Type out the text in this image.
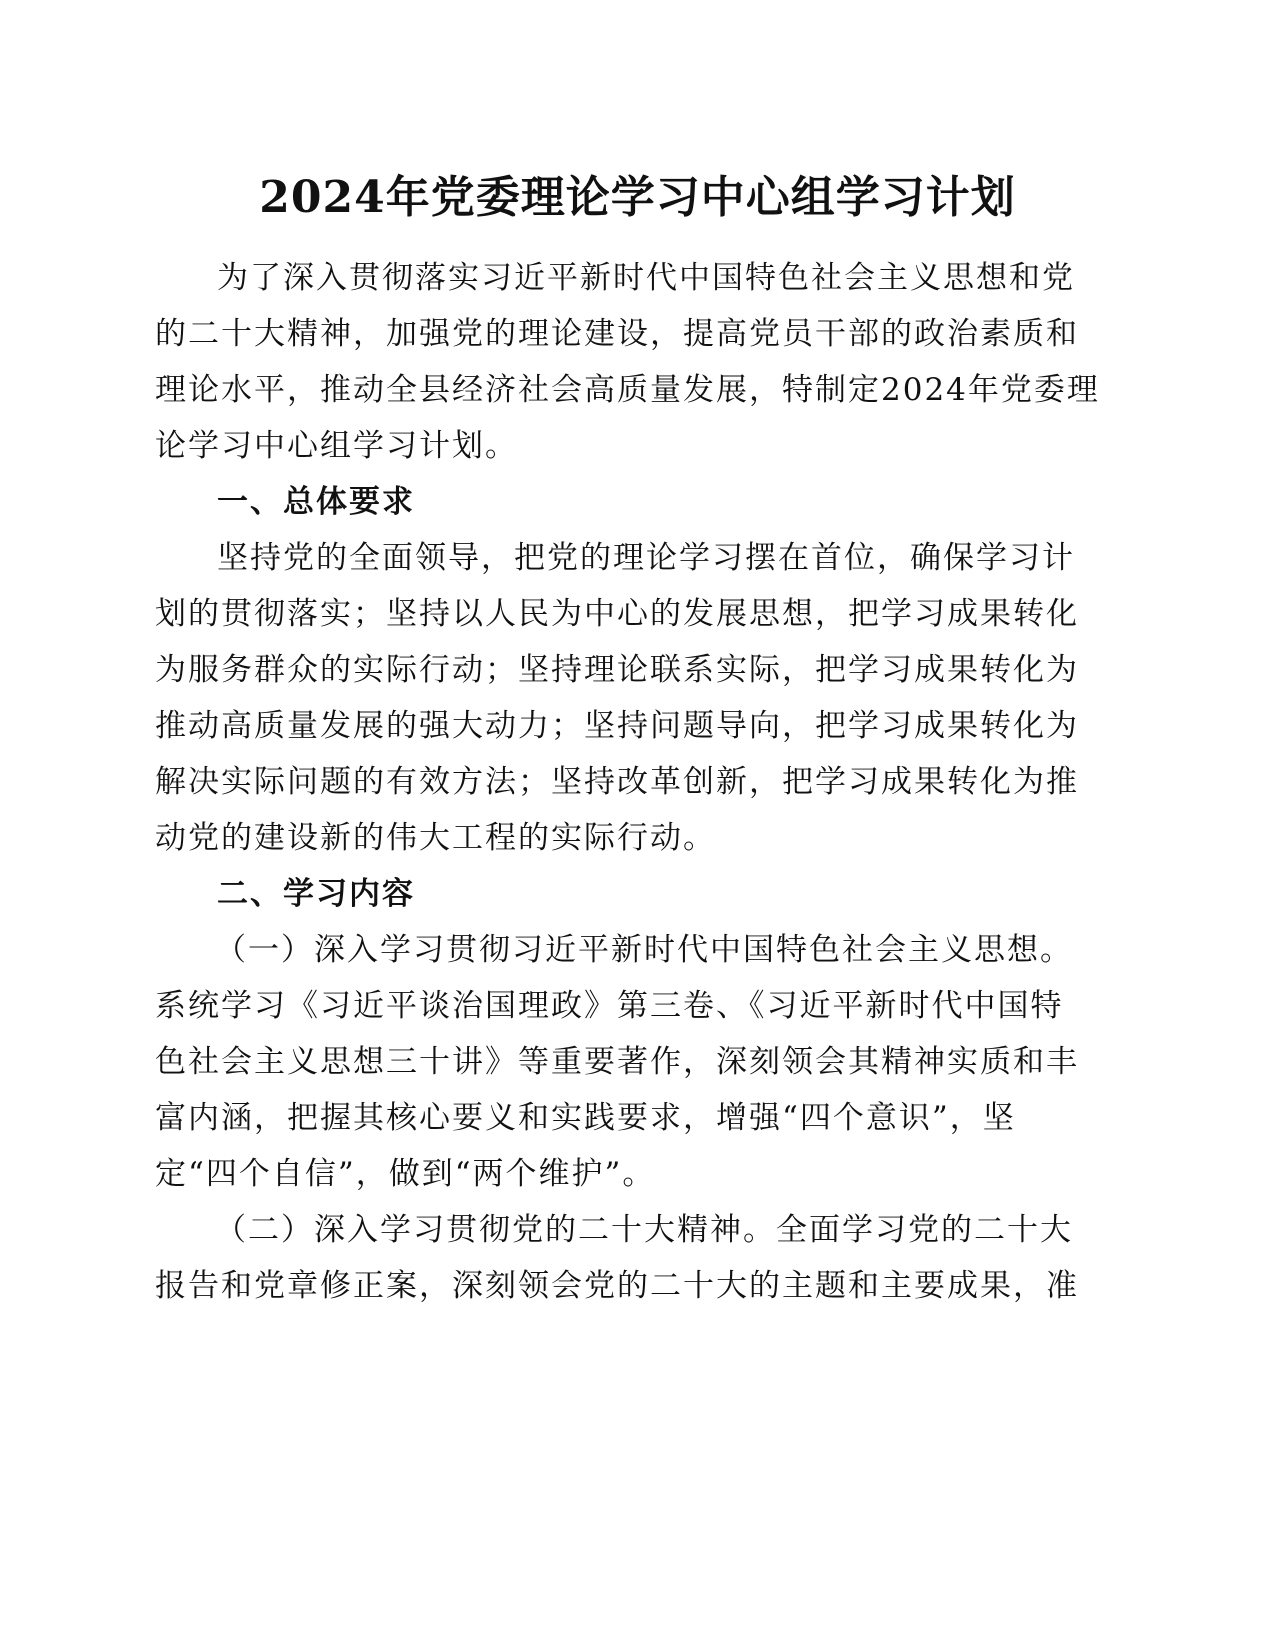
2024年党委理论学习中心组学习计划
为了深入贯彻落实习近平新时代中国特色社会主义思想和党
的二十大精神，加强党的理论建设，提高党员干部的政治素质和
理论水平，推动全县经济社会高质量发展，特制定2024年党委理
论学习中心组学习计划。
一、总体要求
坚持党的全面领导，把党的理论学习摆在首位，确保学习计
划的贯彻落实；坚持以人民为中心的发展思想，把学习成果转化
为服务群众的实际行动；坚持理论联系实际，把学习成果转化为
推动高质量发展的强大动力；坚持问题导向，把学习成果转化为
解决实际问题的有效方法；坚持改革创新，把学习成果转化为推
动党的建设新的伟大工程的实际行动。
二、学习内容
（一）深入学习贯彻习近平新时代中国特色社会主义思想。
系统学习《习近平谈治国理政》第三卷、《习近平新时代中国特
色社会主义思想三十讲》等重要著作，深刻领会其精神实质和丰
富内涵，把握其核心要义和实践要求，增强“四个意识”，坚
定“四个自信”，做到“两个维护”。
（二）深入学习贯彻党的二十大精神。全面学习党的二十大
报告和党章修正案，深刻领会党的二十大的主题和主要成果，准
